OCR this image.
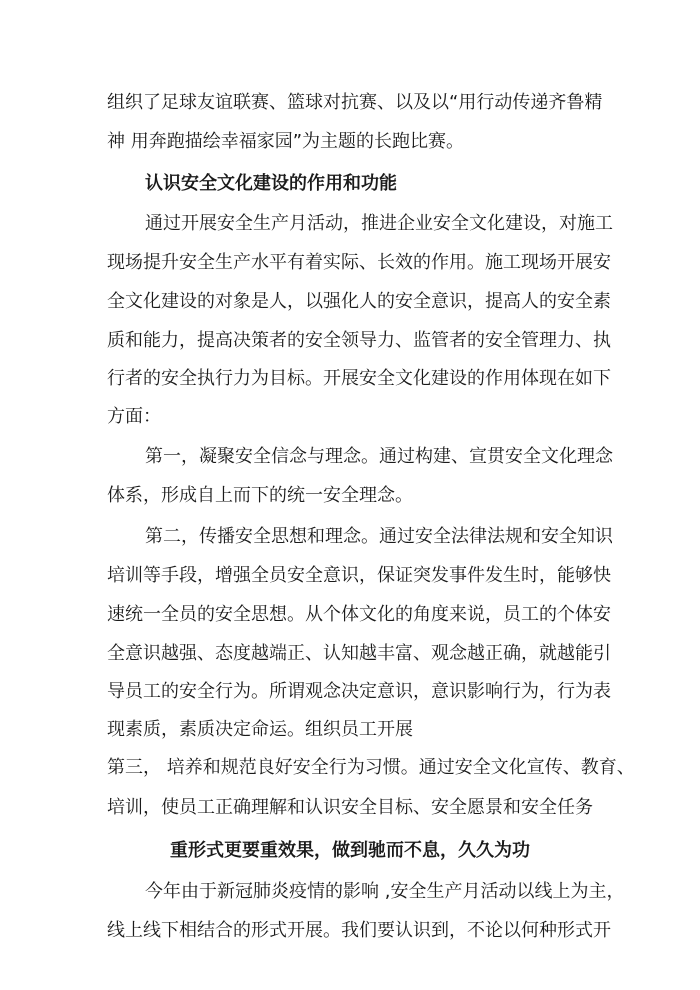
组织了足球友谊联赛、篮球对抗赛、以及以“用行动传递齐鲁精
神 用奔跑描绘幸福家园”为主题的长跑比赛。
认识安全文化建设的作用和功能
通过开展安全生产月活动，推进企业安全文化建设，对施工
现场提升安全生产水平有着实际、长效的作用。施工现场开展安
全文化建设的对象是人，以强化人的安全意识，提高人的安全素
质和能力，提高决策者的安全领导力、监管者的安全管理力、执
行者的安全执行力为目标。开展安全文化建设的作用体现在如下
方面：
第一，凝聚安全信念与理念。通过构建、宣贯安全文化理念
体系，形成自上而下的统一安全理念。
第二，传播安全思想和理念。通过安全法律法规和安全知识
培训等手段，增强全员安全意识，保证突发事件发生时，能够快
速统一全员的安全思想。从个体文化的角度来说，员工的个体安
全意识越强、态度越端正、认知越丰富、观念越正确，就越能引
导员工的安全行为。所谓观念决定意识，意识影响行为，行为表
现素质，素质决定命运。组织员工开展
第三， 培养和规范良好安全行为习惯。通过安全文化宣传、教育、
培训，使员工正确理解和认识安全目标、安全愿景和安全任务
重形式更要重效果，做到驰而不息，久久为功
今年由于新冠肺炎疫情的影响 ,安全生产月活动以线上为主，
线上线下相结合的形式开展。我们要认识到，不论以何种形式开
